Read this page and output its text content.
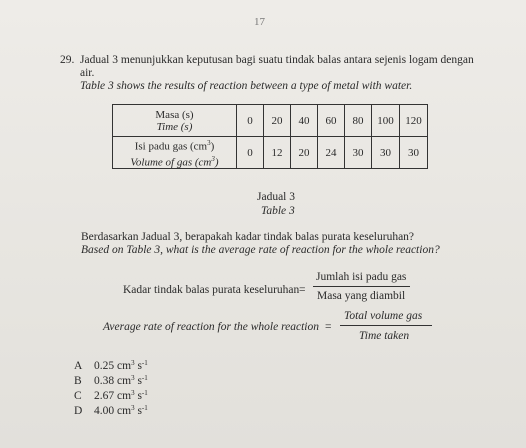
17
29. Jadual 3 menunjukkan keputusan bagi suatu tindak balas antara sejenis logam dengan
air.
Table 3 shows the results of reaction between a type of metal with water.
Masa (s)
Time (s)	0	20	40	60	80	100	120

Isi padu gas $(cm^3)$
Volume of gas $(cm^3)$	0	12	20	24	30	30	30
Jadual 3
Table 3
Berdasarkan Jadual 3, berapakah kadar tindak balas purata keseluruhan?
Based on Table 3, what is the average rate of reaction for the whole reaction?
Kadar tindak balas purata keseluruhan =
Jumlah isi padu gas
Masa yang diambil
Average rate of reaction for the whole reaction =
Total volume gas
Time taken
A 0.25 $cm^3$ $s^{-1}$
B 0.38 $cm^3$ $s^{-1}$
C 2.67 $cm^3$ $s^{-1}$
D 4.00 $cm^3$ $s^{-1}$
